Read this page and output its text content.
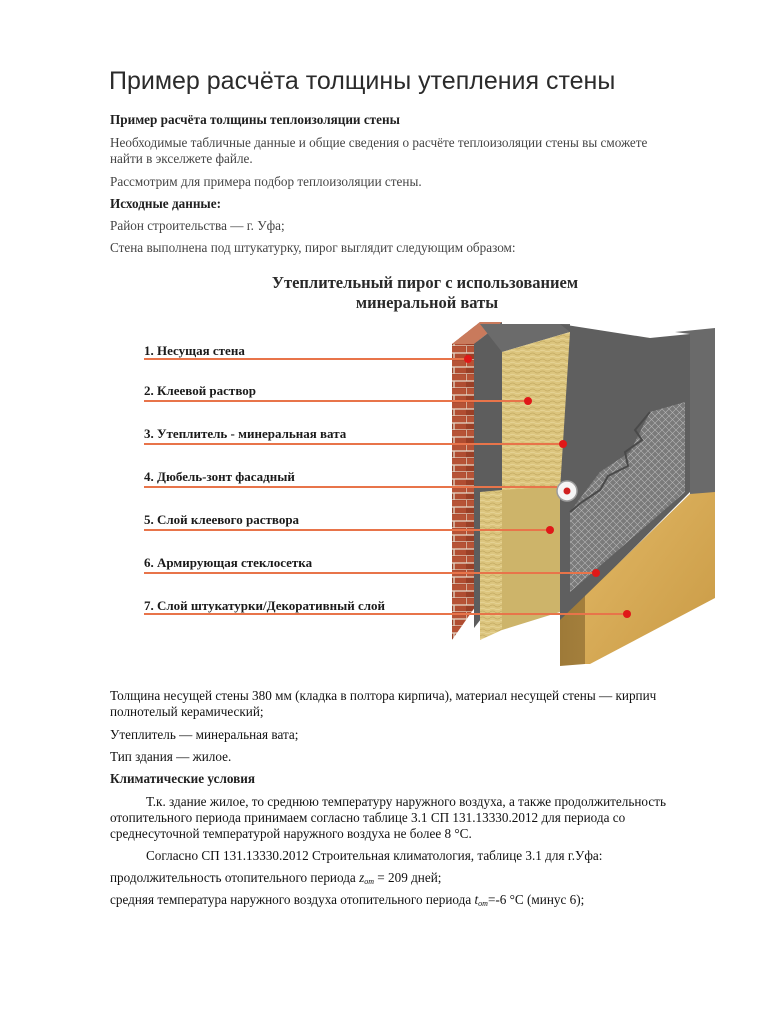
Пример расчёта толщины утепления стены

Пример расчёта толщины теплоизоляции стены

Необходимые табличные данные и общие сведения о расчёте теплоизоляции стены вы сможете

найти в экселжете файле.

Рассмотрим для примера подбор теплоизоляции стены.

Исходные данные:

Район строительства — г. Уфа;

Стена выполнена под штукатурку, пирог выглядит следующим образом:

Утеплительный пирог с использованием
минеральной ваты
1. Несущая стена
2. Клеевой раствор
3. Утеплитель - минеральная вата
4. Дюбель-зонт фасадный
5. Слой клеевого раствора
6. Армирующая стеклосетка
7. Слой штукатурки/Декоративный слой

Толщина несущей стены 380 мм (кладка в полтора кирпича), материал несущей стены — кирпич

полнотелый керамический;

Утеплитель — минеральная вата;

Тип здания — жилое.

Климатические условия

Т.к. здание жилое, то среднюю температуру наружного воздуха, а также продолжительность

отопительного периода принимаем согласно таблице 3.1 СП 131.13330.2012 для периода со

среднесуточной температурой наружного воздуха не более 8 °С.

Согласно СП 131.13330.2012 Строительная климатология, таблице 3.1 для г.Уфа:

продолжительность отопительного периода $z_{от} = 209$ дней;

средняя температура наружного воздуха отопительного периода $t_{от}=-6$ °С (минус 6);
